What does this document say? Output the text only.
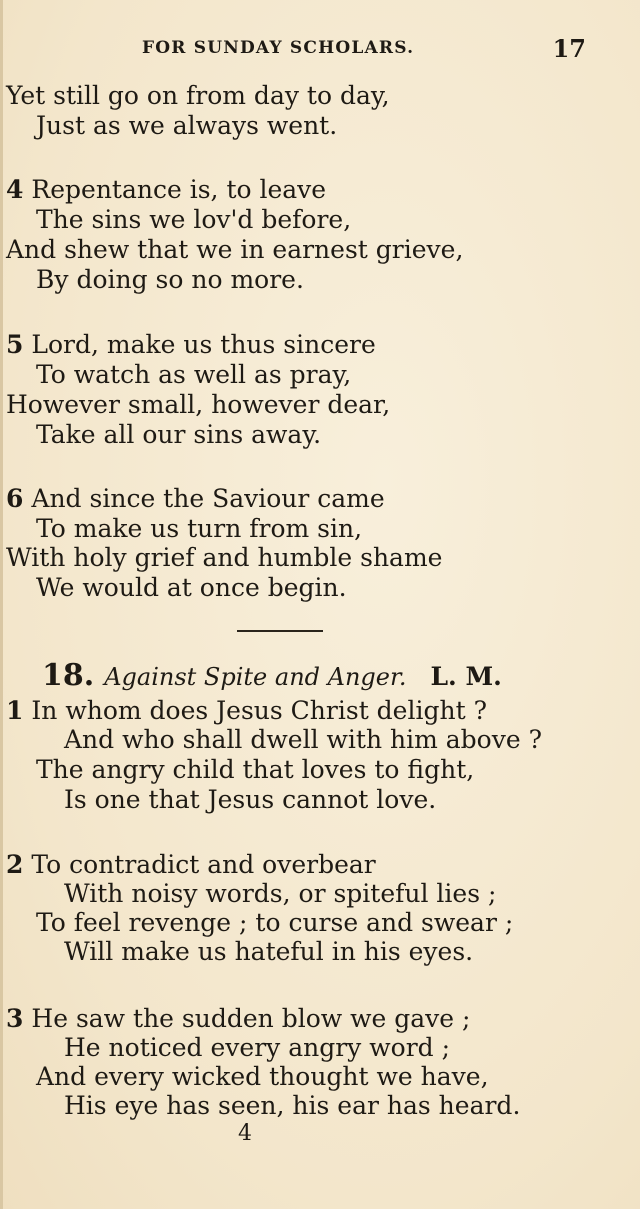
FOR SUNDAY SCHOLARS.	17
Yet still go on from day to day,
Just as we always went.
4 Repentance is, to leave
The sins we lov'd before,
And shew that we in earnest grieve,
By doing so no more.
5 Lord, make us thus sincere
To watch as well as pray,
However small, however dear,
Take all our sins away.
6 And since the Saviour came
To make us turn from sin,
With holy grief and humble shame
We would at once begin.
18. Against Spite and Anger. L. M.
1 In whom does Jesus Christ delight ?
And who shall dwell with him above ?
The angry child that loves to fight,
Is one that Jesus cannot love.
2 To contradict and overbear
With noisy words, or spiteful lies ;
To feel revenge ; to curse and swear ;
Will make us hateful in his eyes.
3 He saw the sudden blow we gave ;
He noticed every angry word ;
And every wicked thought we have,
His eye has seen, his ear has heard.
4
